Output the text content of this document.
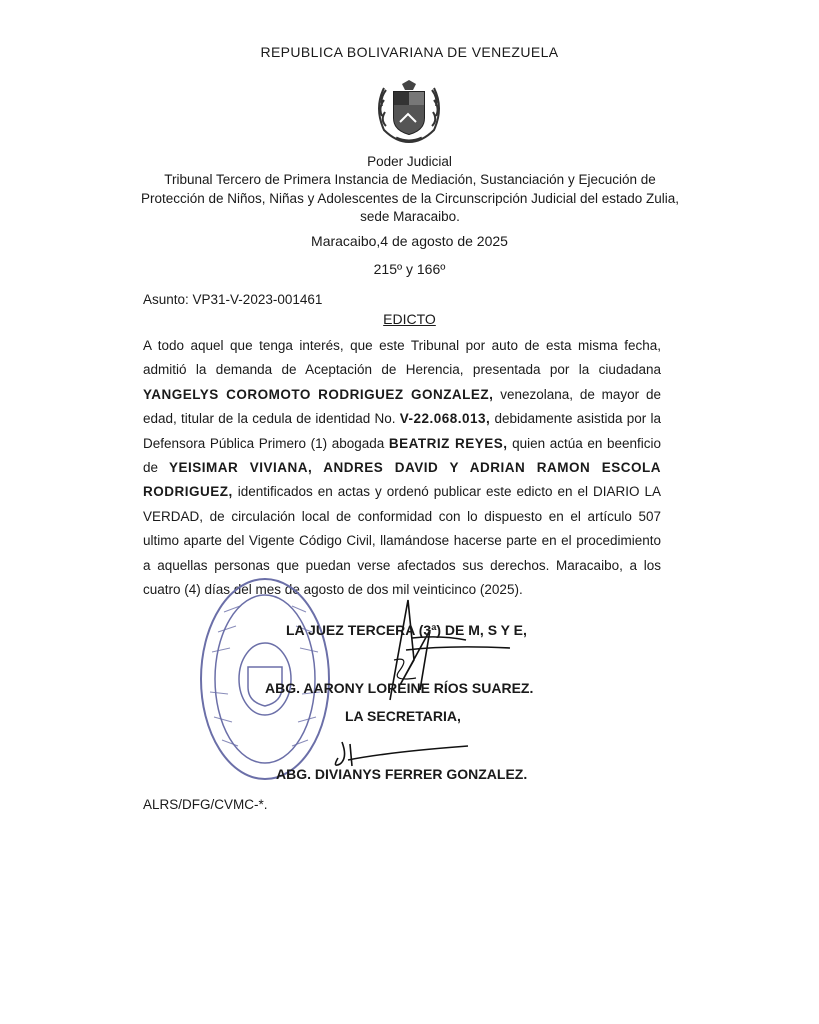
REPUBLICA BOLIVARIANA DE VENEZUELA
Poder Judicial
Tribunal Tercero de Primera Instancia de Mediación, Sustanciación y Ejecución de Protección de Niños, Niñas y Adolescentes de la Circunscripción Judicial del estado Zulia, sede Maracaibo.
Maracaibo,4 de agosto de 2025
215º y 166º
Asunto: VP31-V-2023-001461
EDICTO
A todo aquel que tenga interés, que este Tribunal por auto de esta misma fecha, admitió la demanda de Aceptación de Herencia, presentada por la ciudadana YANGELYS COROMOTO RODRIGUEZ GONZALEZ, venezolana, de mayor de edad, titular de la cedula de identidad No. V-22.068.013, debidamente asistida por la Defensora Pública Primero (1) abogada BEATRIZ REYES, quien actúa en beenficio de YEISIMAR VIVIANA, ANDRES DAVID Y ADRIAN RAMON ESCOLA RODRIGUEZ, identificados en actas y ordenó publicar este edicto en el DIARIO LA VERDAD, de circulación local de conformidad con lo dispuesto en el artículo 507 ultimo aparte del Vigente Código Civil, llamándose hacerse parte en el procedimiento a aquellas personas que puedan verse afectados sus derechos. Maracaibo, a los cuatro (4) días del mes de agosto de dos mil veinticinco (2025).
LA JUEZ TERCERA (3ª) DE M, S Y E,
ABG. AARONY LOREINE RÍOS SUAREZ.
LA SECRETARIA,
ABG. DIVIANYS FERRER GONZALEZ.
ALRS/DFG/CVMC-*.
